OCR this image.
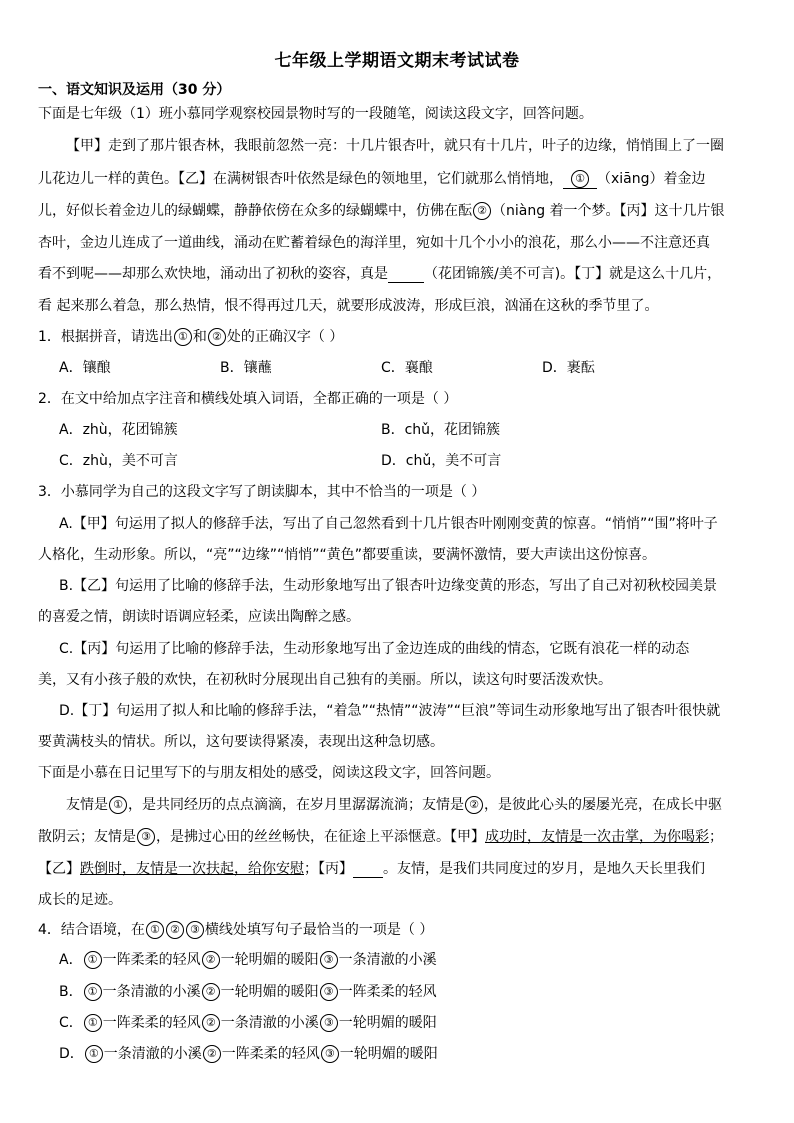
七年级上学期语文期末考试试卷
一、语文知识及运用（30 分）
下面是七年级（1）班小慕同学观察校园景物时写的一段随笔，阅读这段文字，回答问题。
【甲】走到了那片银杏林，我眼前忽然一亮：十几片银杏叶，就只有十几片，叶子的边缘，悄悄围上了一圈
儿花边儿一样的黄色。【乙】在满树银杏叶依然是绿色的领地里，它们就那么悄悄地， ① （xiāng）着金边
儿，好似长着金边儿的绿蝴蝶，静静依傍在众多的绿蝴蝶中，仿佛在酝 ② （niàng 着一个梦。【丙】这十几片银
杏叶，金边儿连成了一道曲线，涌动在贮蓄着绿色的海洋里，宛如十几个小小的浪花，那么小——不注意还真
看不到呢——却那么欢快地，涌动出了初秋的姿容，真是	（花团锦簇/美不可言)。【丁】就是这么十几片，
看 起来那么着急，那么热情，恨不得再过几天，就要形成波涛，形成巨浪，汹涌在这秋的季节里了。
1．根据拼音，请选出 ① 和 ② 处的正确汉字（ ）
A．镶酿	B．镶蘸	C．襄酿	D．裹酝
2．在文中给加点字注音和横线处填入词语，全都正确的一项是（ ）
A．zhù，花团锦簇	B．chǔ，花团锦簇
C．zhù，美不可言	D．chǔ，美不可言
3．小慕同学为自己的这段文字写了朗读脚本，其中不恰当的一项是（ ）
A.【甲】句运用了拟人的修辞手法，写出了自己忽然看到十几片银杏叶刚刚变黄的惊喜。“悄悄”“围”将叶子
人格化，生动形象。所以，“亮”“边缘”“悄悄”“黄色”都要重读，要满怀激情，要大声读出这份惊喜。
B.【乙】句运用了比喻的修辞手法，生动形象地写出了银杏叶边缘变黄的形态，写出了自己对初秋校园美景
的喜爱之情，朗读时语调应轻柔，应读出陶醉之感。
C.【丙】句运用了比喻的修辞手法，生动形象地写出了金边连成的曲线的情态，它既有浪花一样的动态
美，又有小孩子般的欢快，在初秋时分展现出自己独有的美丽。所以，读这句时要活泼欢快。
D.【丁】句运用了拟人和比喻的修辞手法，“着急”“热情”“波涛”“巨浪”等词生动形象地写出了银杏叶很快就
要黄满枝头的情状。所以，这句要读得紧凑，表现出这种急切感。
下面是小慕在日记里写下的与朋友相处的感受，阅读这段文字，回答问题。
友情是 ① ，是共同经历的点点滴滴，在岁月里潺潺流淌；友情是 ② ，是彼此心头的屡屡光亮，在成长中驱
散阴云；友情是 ③ ，是拂过心田的丝丝畅快，在征途上平添惬意。【甲】成功时，友情是一次击掌，为你喝彩；
【乙】跌倒时，友情是一次扶起，给你安慰；【丙】 。友情，是我们共同度过的岁月，是地久天长里我们
成长的足迹。
4．结合语境，在 ① ② ③ 横线处填写句子最恰当的一项是（ ）
A． ① 一阵柔柔的轻风 ② 一轮明媚的暖阳 ③ 一条清澈的小溪
B． ① 一条清澈的小溪 ② 一轮明媚的暖阳 ③ 一阵柔柔的轻风
C． ① 一阵柔柔的轻风 ② 一条清澈的小溪 ③ 一轮明媚的暖阳
D． ① 一条清澈的小溪 ② 一阵柔柔的轻风 ③ 一轮明媚的暖阳
